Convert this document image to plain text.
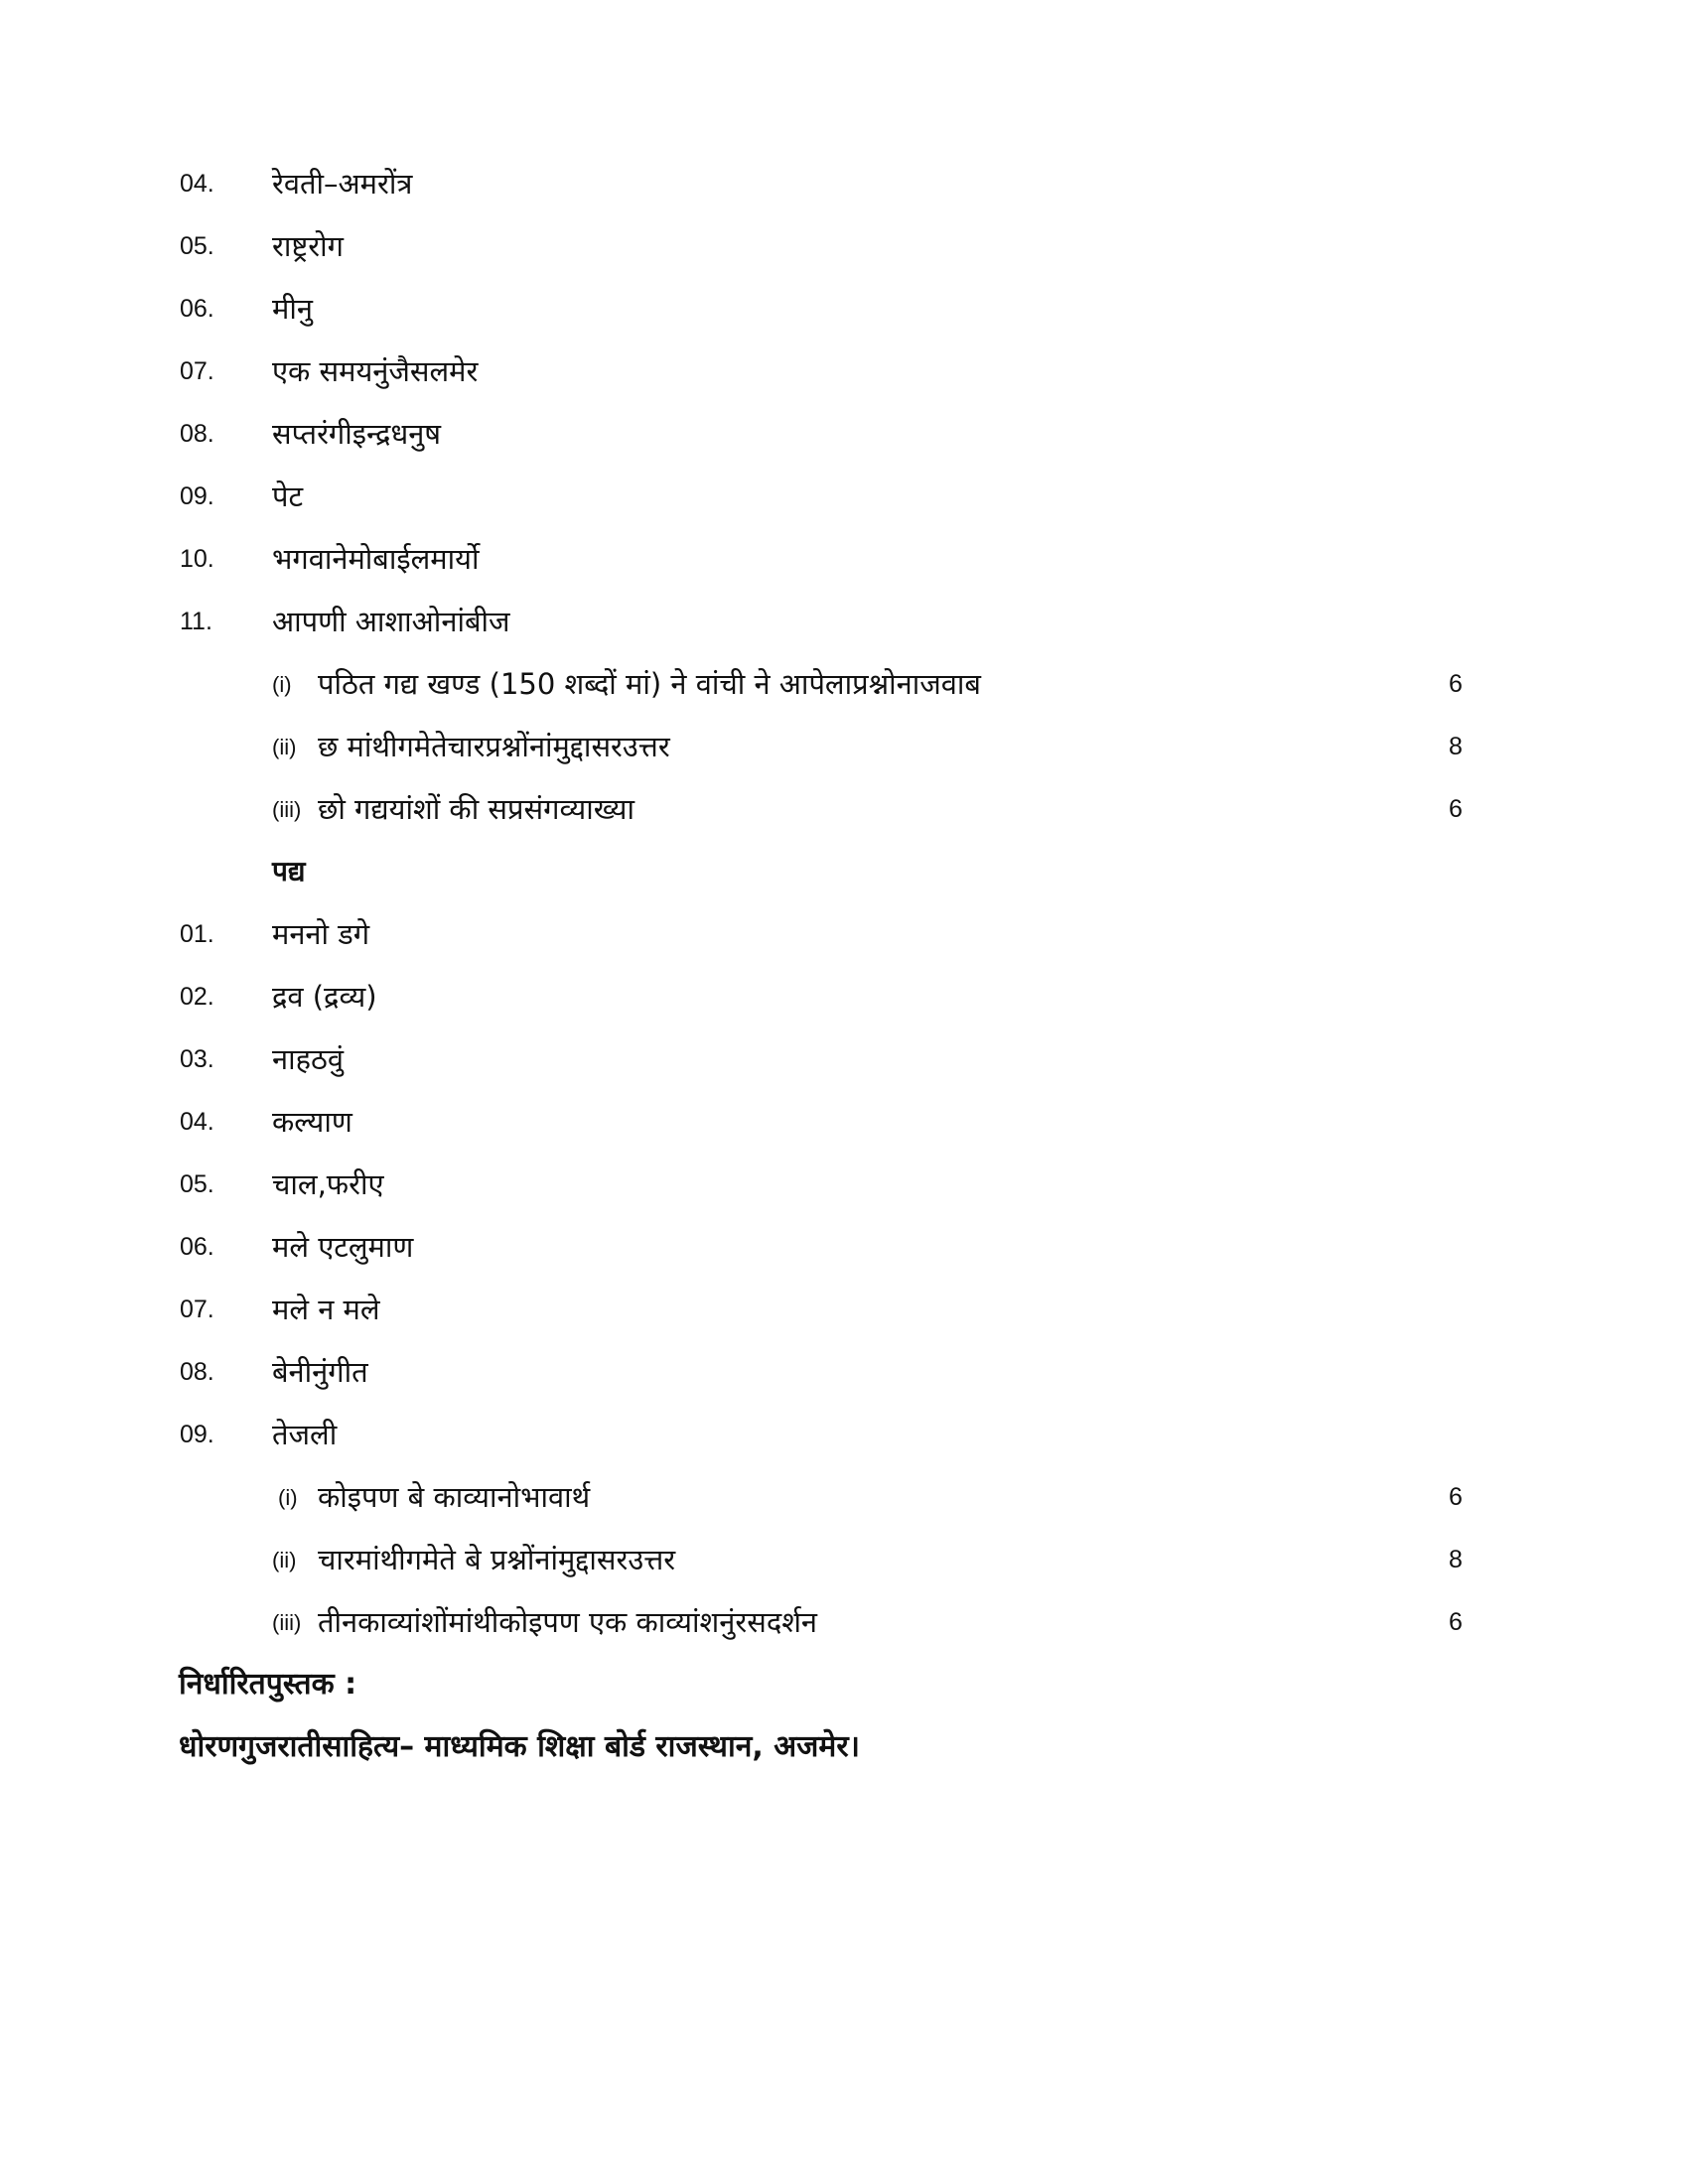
04. रेवती–अमरोंत्र
05. राष्ट्ररोग
06. मीनु
07. एक समयनुंजैसलमेर
08. सप्तरंगीइन्द्रधनुष
09. पेट
10. भगवानेमोबाईलमार्यो
11. आपणी आशाओनांबीज
(i) पठित गद्य खण्ड (150 शब्दों मां) ने वांची ने आपेलाप्रश्नोनाजवाब	6
(ii) छ मांथीगमेतेचारप्रश्नोंनांमुद्दासरउत्तर	8
(iii) छो गद्ययांशों की सप्रसंगव्याख्या	6
पद्य
01. मननो डगे
02. द्रव (द्रव्य)
03. नाहठवुं
04. कल्याण
05. चाल,फरीए
06. मले एटलुमाण
07. मले न मले
08. बेनीनुंगीत
09. तेजली
(i) कोइपण बे काव्यानोभावार्थ	6
(ii) चारमांथीगमेते बे प्रश्नोंनांमुद्दासरउत्तर	8
(iii) तीनकाव्यांशोंमांथीकोइपण एक काव्यांशनुंरसदर्शन	6
निर्धारितपुस्तक :
धोरणगुजरातीसाहित्य– माध्यमिक शिक्षा बोर्ड राजस्थान, अजमेर।
